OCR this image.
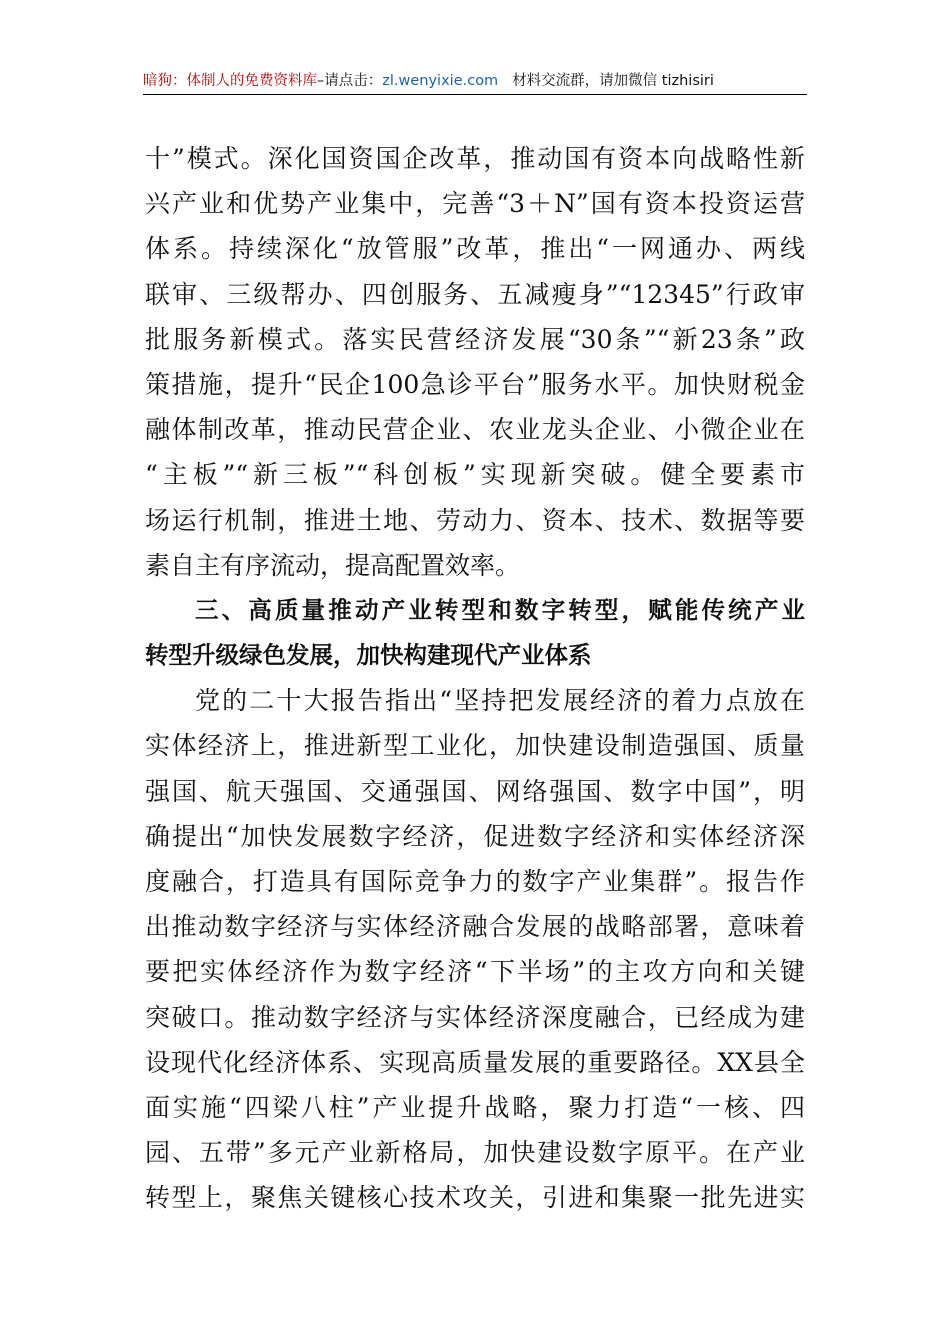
暗狗：体制人的免费资料库–请点击：zl.wenyixie.com 材料交流群，请加微信 tizhisiri
十”模式。深化国资国企改革，推动国有资本向战略性新
兴产业和优势产业集中，完善“3＋N”国有资本投资运营
体系。持续深化“放管服”改革，推出“一网通办、两线
联审、三级帮办、四创服务、五减瘦身”“12345”行政审
批服务新模式。落实民营经济发展“30条”“新23条”政
策措施，提升“民企100急诊平台”服务水平。加快财税金
融体制改革，推动民营企业、农业龙头企业、小微企业在
“主板”“新三板”“科创板”实现新突破。健全要素市
场运行机制，推进土地、劳动力、资本、技术、数据等要
素自主有序流动，提高配置效率。
三、高质量推动产业转型和数字转型，赋能传统产业
转型升级绿色发展，加快构建现代产业体系
党的二十大报告指出“坚持把发展经济的着力点放在
实体经济上，推进新型工业化，加快建设制造强国、质量
强国、航天强国、交通强国、网络强国、数字中国”，明
确提出“加快发展数字经济，促进数字经济和实体经济深
度融合，打造具有国际竞争力的数字产业集群”。报告作
出推动数字经济与实体经济融合发展的战略部署，意味着
要把实体经济作为数字经济“下半场”的主攻方向和关键
突破口。推动数字经济与实体经济深度融合，已经成为建
设现代化经济体系、实现高质量发展的重要路径。XX县全
面实施“四梁八柱”产业提升战略，聚力打造“一核、四
园、五带”多元产业新格局，加快建设数字原平。在产业
转型上，聚焦关键核心技术攻关，引进和集聚一批先进实
